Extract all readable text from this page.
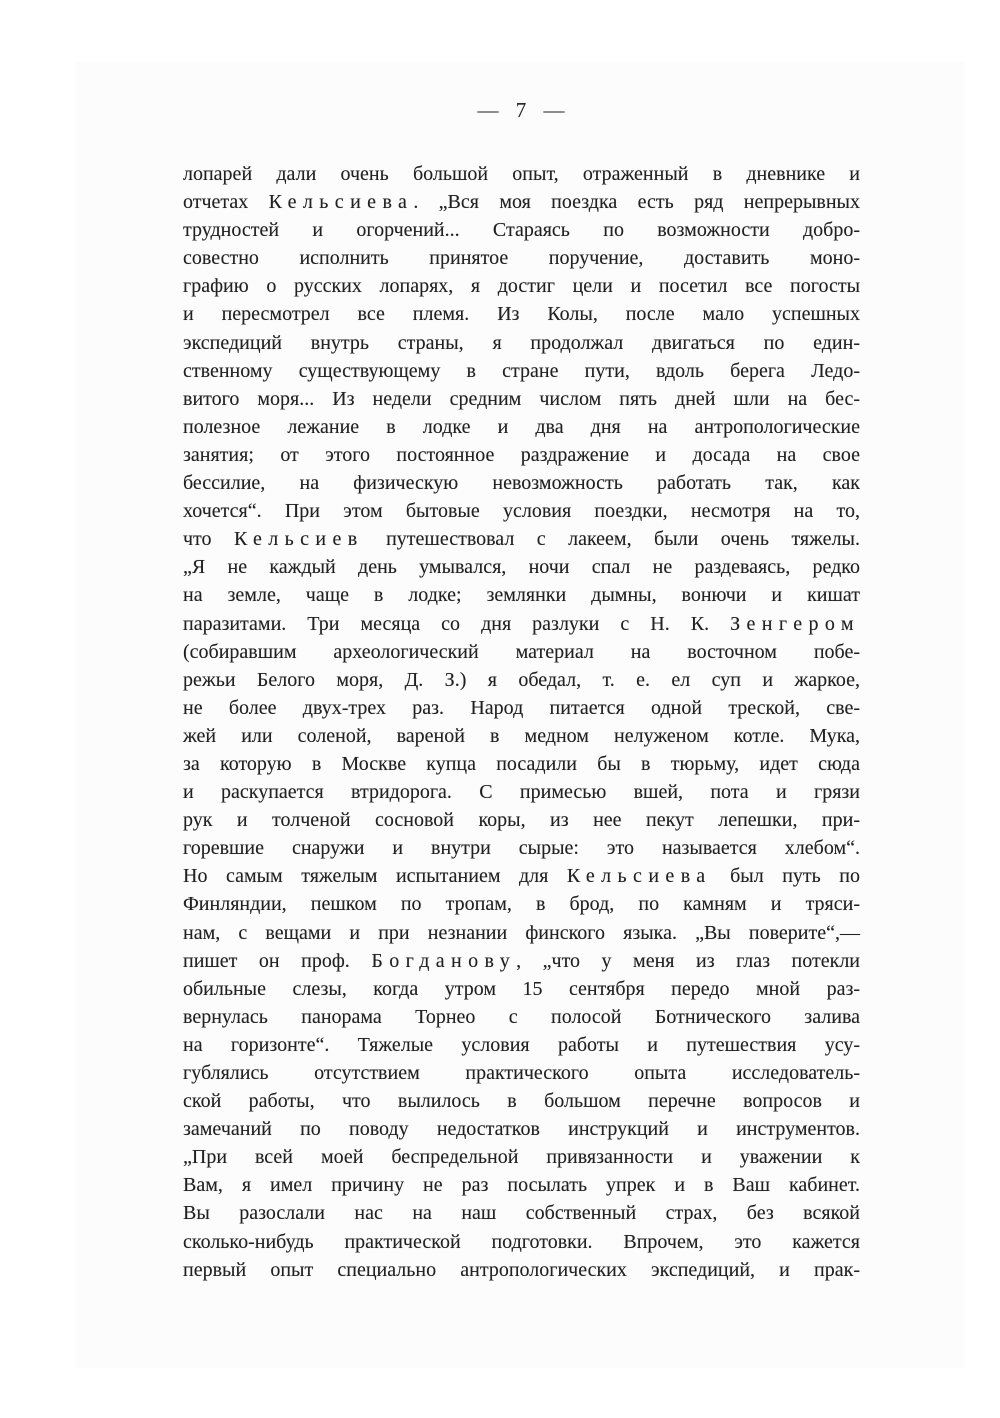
— 7 —
лопарей дали очень большой опыт, отраженный в дневнике и
отчетах Кельсиева. „Вся моя поездка есть ряд непрерывных
трудностей и огорчений... Стараясь по возможности добро-
совестно исполнить принятое поручение, доставить моно-
графию о русских лопарях, я достиг цели и посетил все погосты
и пересмотрел все племя. Из Колы, после мало успешных
экспедиций внутрь страны, я продолжал двигаться по един-
ственному существующему в стране пути, вдоль берега Ледо-
витого моря... Из недели средним числом пять дней шли на бес-
полезное лежание в лодке и два дня на антропологические
занятия; от этого постоянное раздражение и досада на свое
бессилие, на физическую невозможность работать так, как
хочется“. При этом бытовые условия поездки, несмотря на то,
что Кельсиев путешествовал с лакеем, были очень тяжелы.
„Я не каждый день умывался, ночи спал не раздеваясь, редко
на земле, чаще в лодке; землянки дымны, вонючи и кишат
паразитами. Три месяца со дня разлуки с Н. К. Зенгером
(собиравшим археологический материал на восточном побе-
режьи Белого моря, Д. З.) я обедал, т. е. ел суп и жаркое,
не более двух-трех раз. Народ питается одной треской, све-
жей или соленой, вареной в медном нелуженом котле. Мука,
за которую в Москве купца посадили бы в тюрьму, идет сюда
и раскупается втридорога. С примесью вшей, пота и грязи
рук и толченой сосновой коры, из нее пекут лепешки, при-
горевшие снаружи и внутри сырые: это называется хлебом“.
Но самым тяжелым испытанием для Кельсиева был путь по
Финляндии, пешком по тропам, в брод, по камням и тряси-
нам, с вещами и при незнании финского языка. „Вы поверите“,—
пишет он проф. Богданову, „что у меня из глаз потекли
обильные слезы, когда утром 15 сентября передо мной раз-
вернулась панорама Торнео с полосой Ботнического залива
на горизонте“. Тяжелые условия работы и путешествия усу-
гублялись отсутствием практического опыта исследователь-
ской работы, что вылилось в большом перечне вопросов и
замечаний по поводу недостатков инструкций и инструментов.
„При всей моей беспредельной привязанности и уважении к
Вам, я имел причину не раз посылать упрек и в Ваш кабинет.
Вы разослали нас на наш собственный страх, без всякой
сколько-нибудь практической подготовки. Впрочем, это кажется
первый опыт специально антропологических экспедиций, и прак-
